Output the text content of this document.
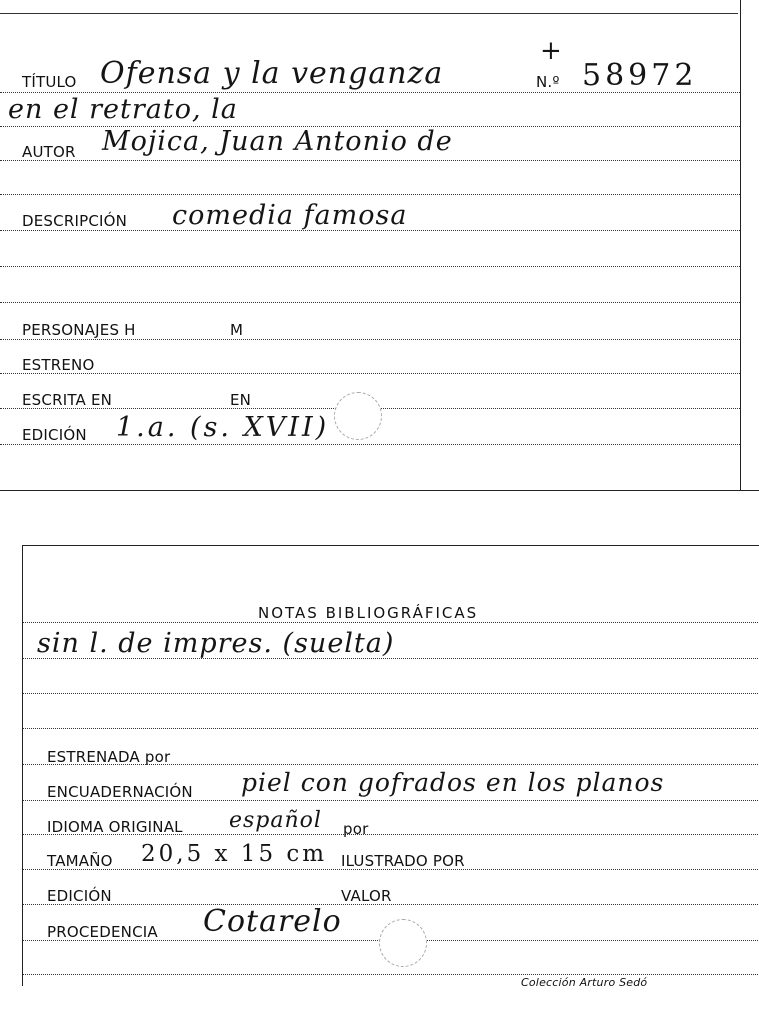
TÍTULO Ofensa y la venganza
+
N.º 58972
en el retrato, la
AUTOR Mojica, Juan Antonio de
DESCRIPCIÓN comedia famosa
PERSONAJES H	M
ESTRENO
ESCRITA EN	EN
EDICIÓN 1.a. (s. XVII)
NOTAS BIBLIOGRÁFICAS
sin l. de impres. (suelta)
ESTRENADA por
ENCUADERNACIÓN piel con gofrados en los planos
IDIOMA ORIGINAL español por
TAMAÑO 20,5 x 15 cm ILUSTRADO POR
EDICIÓN	VALOR
PROCEDENCIA Cotarelo
Colección Arturo Sedó
